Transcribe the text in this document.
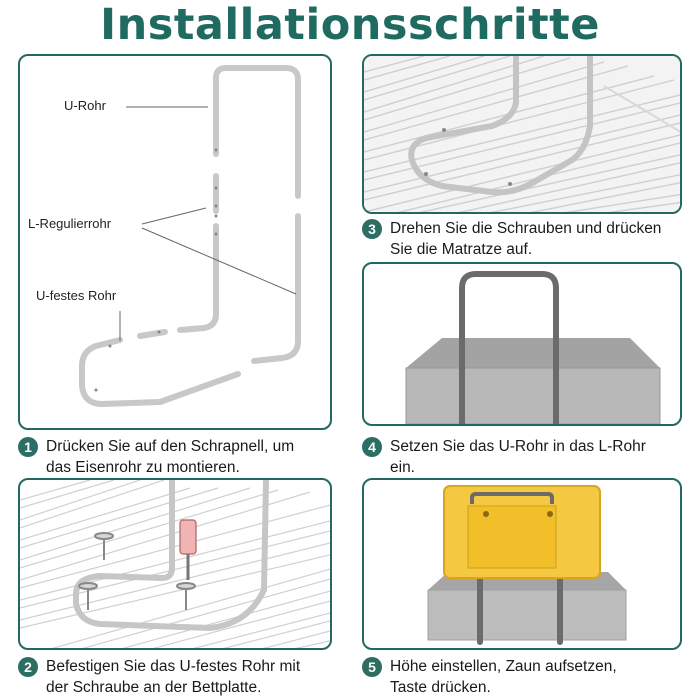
Installationsschritte
U-Rohr
L-Regulierrohr
U-festes Rohr
1 Drücken Sie auf den Schrapnell, um
das Eisenrohr zu montieren.
2 Befestigen Sie das U-festes Rohr mit
der Schraube an der Bettplatte.
3 Drehen Sie die Schrauben und drücken
Sie die Matratze auf.
4 Setzen Sie das U-Rohr in das L-Rohr
ein.
5 Höhe einstellen, Zaun aufsetzen,
Taste drücken.
